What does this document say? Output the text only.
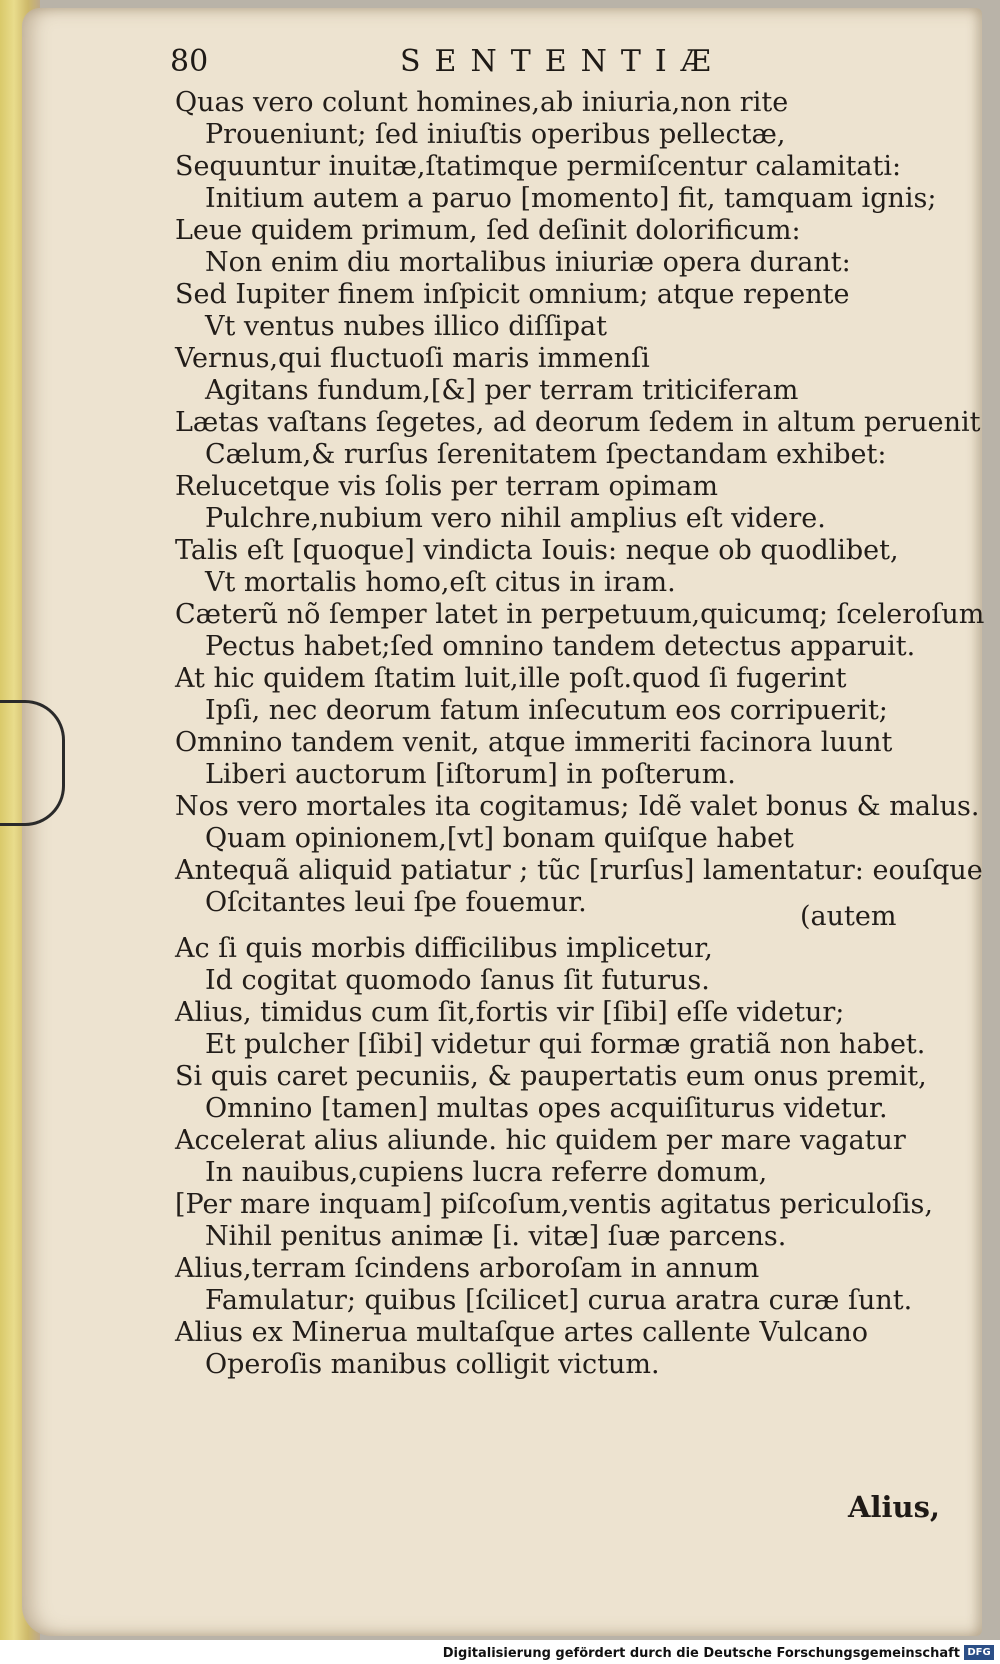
80	SENTENTIÆ
Quas vero colunt homines,ab iniuria,non rite
Proueniunt; ſed iniuſtis operibus pellectæ,
Sequuntur inuitæ,ſtatimque permiſcentur calamitati:
Initium autem a paruo [momento] fit, tamquam ignis;
Leue quidem primum, ſed deſinit dolorificum:
Non enim diu mortalibus iniuriæ opera durant:
Sed Iupiter finem inſpicit omnium; atque repente
Vt ventus nubes illico diſſipat
Vernus,qui fluctuoſi maris immenſi
Agitans fundum,[&] per terram triticiferam
Lætas vaſtans ſegetes, ad deorum ſedem in altum peruenit
Cælum,& rurſus ſerenitatem ſpectandam exhibet:
Relucetque vis ſolis per terram opimam
Pulchre,nubium vero nihil amplius eſt videre.
Talis eſt [quoque] vindicta Iouis: neque ob quodlibet,
Vt mortalis homo,eſt citus in iram.
Cæterũ nõ ſemper latet in perpetuum,quicumq; ſceleroſum
Pectus habet;ſed omnino tandem detectus apparuit.
At hic quidem ſtatim luit,ille poſt.quod ſi fugerint
Ipſi, nec deorum fatum inſecutum eos corripuerit;
Omnino tandem venit, atque immeriti facinora luunt
Liberi auctorum [iſtorum] in poſterum.
Nos vero mortales ita cogitamus; Idẽ valet bonus & malus.
Quam opinionem,[vt] bonam quiſque habet
Antequã aliquid patiatur ; tũc [rurſus] lamentatur: eouſque
Oſcitantes leui ſpe fouemur.	(autem
Ac ſi quis morbis difficilibus implicetur,
Id cogitat quomodo ſanus ſit futurus.
Alius, timidus cum ſit,fortis vir [ſibi] eſſe videtur;
Et pulcher [ſibi] videtur qui formæ gratiã non habet.
Si quis caret pecuniis, & paupertatis eum onus premit,
Omnino [tamen] multas opes acquiſiturus videtur.
Accelerat alius aliunde. hic quidem per mare vagatur
In nauibus,cupiens lucra referre domum,
[Per mare inquam] piſcoſum,ventis agitatus periculoſis,
Nihil penitus animæ [i. vitæ] ſuæ parcens.
Alius,terram ſcindens arboroſam in annum
Famulatur; quibus [ſcilicet] curua aratra curæ ſunt.
Alius ex Minerua multaſque artes callente Vulcano
Operoſis manibus colligit victum.
Alius,
Digitalisierung gefördert durch die Deutsche Forschungsgemeinschaft DFG
